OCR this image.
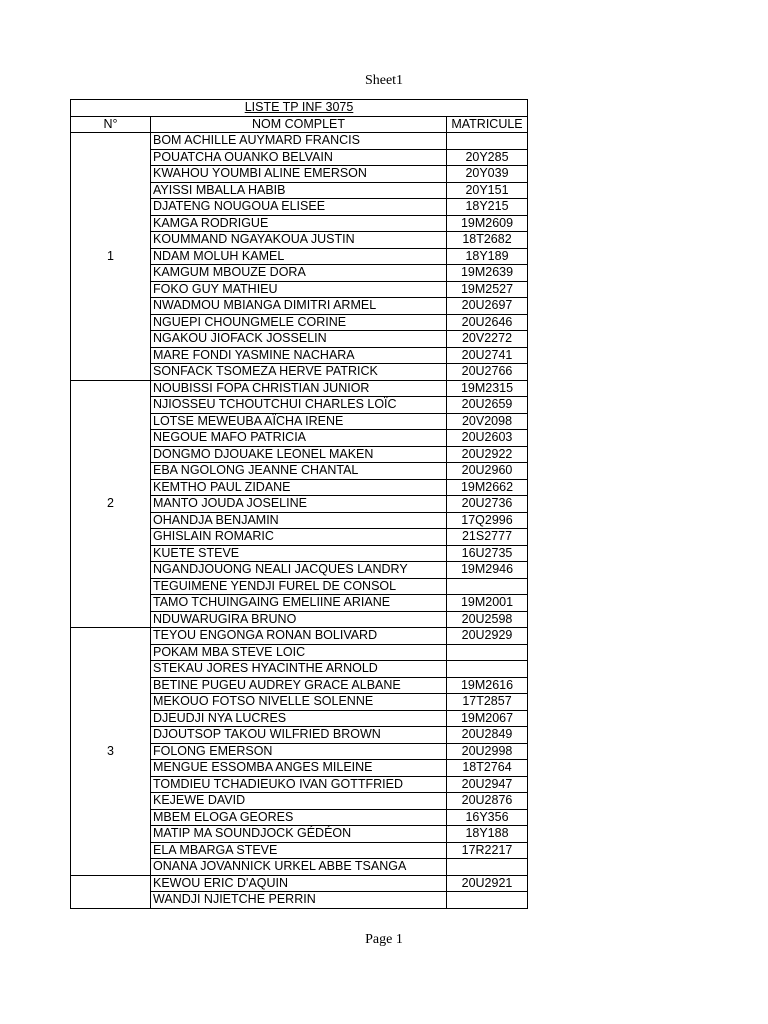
Sheet1
LISTE TP INF 3075		
N°	NOM COMPLET	MATRICULE
1	BOM ACHILLE AUYMARD FRANCIS	
	POUATCHA OUANKO BELVAIN	20Y285
	KWAHOU YOUMBI ALINE EMERSON	20Y039
	AYISSI MBALLA HABIB	20Y151
	DJATENG NOUGOUA ELISEE	18Y215
	KAMGA RODRIGUE	19M2609
	KOUMMAND NGAYAKOUA JUSTIN	18T2682
	NDAM MOLUH KAMEL	18Y189
	KAMGUM MBOUZE DORA	19M2639
	FOKO GUY MATHIEU	19M2527
	NWADMOU MBIANGA DIMITRI ARMEL	20U2697
	NGUEPI CHOUNGMELE CORINE	20U2646
	NGAKOU JIOFACK JOSSELIN	20V2272
	MARE FONDI YASMINE NACHARA	20U2741
	SONFACK TSOMEZA HERVE PATRICK	20U2766
2	NOUBISSI FOPA CHRISTIAN JUNIOR	19M2315
	NJIOSSEU TCHOUTCHUI CHARLES LOÏC	20U2659
	LOTSE MEWEUBA AÏCHA IRENE	20V2098
	NEGOUE MAFO PATRICIA	20U2603
	DONGMO DJOUAKE LEONEL MAKEN	20U2922
	EBA NGOLONG JEANNE CHANTAL	20U2960
	KEMTHO PAUL ZIDANE	19M2662
	MANTO JOUDA JOSELINE	20U2736
	OHANDJA BENJAMIN	17Q2996
	GHISLAIN ROMARIC	21S2777
	KUETE STEVE	16U2735
	NGANDJOUONG NEALI JACQUES LANDRY	19M2946
	TEGUIMENE YENDJI FUREL DE CONSOL	
	TAMO TCHUINGAING EMELIINE ARIANE	19M2001
	NDUWARUGIRA BRUNO	20U2598
3	TEYOU ENGONGA RONAN BOLIVARD	20U2929
	POKAM MBA STEVE LOIC	
	STEKAU JORES HYACINTHE ARNOLD	
	BETINE PUGEU AUDREY GRACE ALBANE	19M2616
	MEKOUO FOTSO NIVELLE SOLENNE	17T2857
	DJEUDJI NYA LUCRES	19M2067
	DJOUTSOP TAKOU WILFRIED BROWN	20U2849
	FOLONG EMERSON	20U2998
	MENGUE ESSOMBA ANGES MILEINE	18T2764
	TOMDIEU TCHADIEUKO IVAN GOTTFRIED	20U2947
	KEJEWE DAVID	20U2876
	MBEM ELOGA GEORES	16Y356
	MATIP MA SOUNDJOCK GÉDÉON	18Y188
	ELA MBARGA STEVE	17R2217
	ONANA JOVANNICK URKEL ABBE TSANGA	
	KEWOU ERIC D'AQUIN	20U2921
	WANDJI NJIETCHE PERRIN	
Page 1
